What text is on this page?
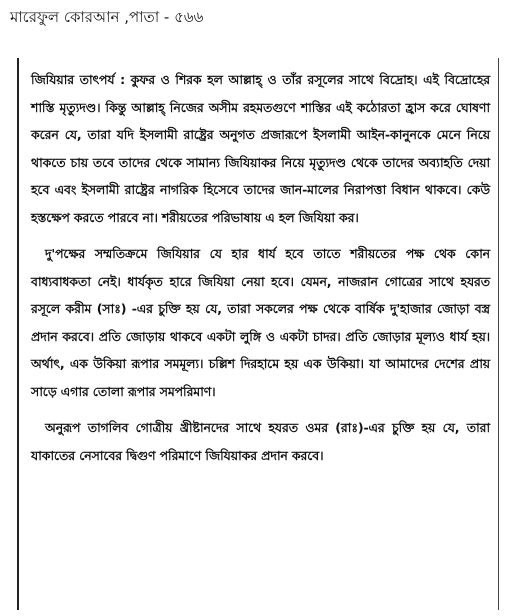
মারেফুল কোরআন ,পাতা - ৫৬৬

জিযিয়ার তাৎপর্য : কুফর ও শিরক হল আল্লাহ্ ও তাঁর রসূলের সাথে বিদ্রোহ। এই বিদ্রোহের শাস্তি মৃত্যুদণ্ড। কিন্তু আল্লাহ্ নিজের অসীম রহমতগুণে শাস্তির এই কঠোরতা হ্রাস করে ঘোষণা করেন যে, তারা যদি ইসলামী রাষ্ট্রের অনুগত প্রজারূপে ইসলামী আইন-কানুনকে মেনে নিয়ে থাকতে চায় তবে তাদের থেকে সামান্য জিযিয়াকর নিয়ে মৃত্যুদণ্ড থেকে তাদের অব্যাহতি দেয়া হবে এবং ইসলামী রাষ্ট্রের নাগরিক হিসেবে তাদের জান-মালের নিরাপত্তা বিধান থাকবে। কেউ হস্তক্ষেপ করতে পারবে না। শরীয়তের পরিভাষায় এ হল জিযিয়া কর।

দু'পক্ষের সম্মতিক্রমে জিযিয়ার যে হার ধার্য হবে তাতে শরীয়তের পক্ষ থেক কোন বাধ্যবাধকতা নেই। ধার্যকৃত হারে জিযিয়া নেয়া হবে। যেমন, নাজরান গোত্রের সাথে হযরত রসূলে করীম (সাঃ) -এর চুক্তি হয় যে, তারা সকলের পক্ষ থেকে বার্ষিক দু'হাজার জোড়া বস্ত্র প্রদান করবে। প্রতি জোড়ায় থাকবে একটা লুঙ্গি ও একটা চাদর। প্রতি জোড়ার মূল্যও ধার্য হয়। অর্থাৎ, এক উকিয়া রূপার সমমূল্য। চল্লিশ দিরহামে হয় এক উকিয়া। যা আমাদের দেশের প্রায় সাড়ে এগার তোলা রূপার সমপরিমাণ।

অনুরূপ তাগলিব গোত্রীয় খ্রীষ্টানদের সাথে হযরত ওমর (রাঃ)-এর চুক্তি হয় যে, তারা যাকাতের নেসাবের দ্বিগুণ পরিমাণে জিযিয়াকর প্রদান করবে।
